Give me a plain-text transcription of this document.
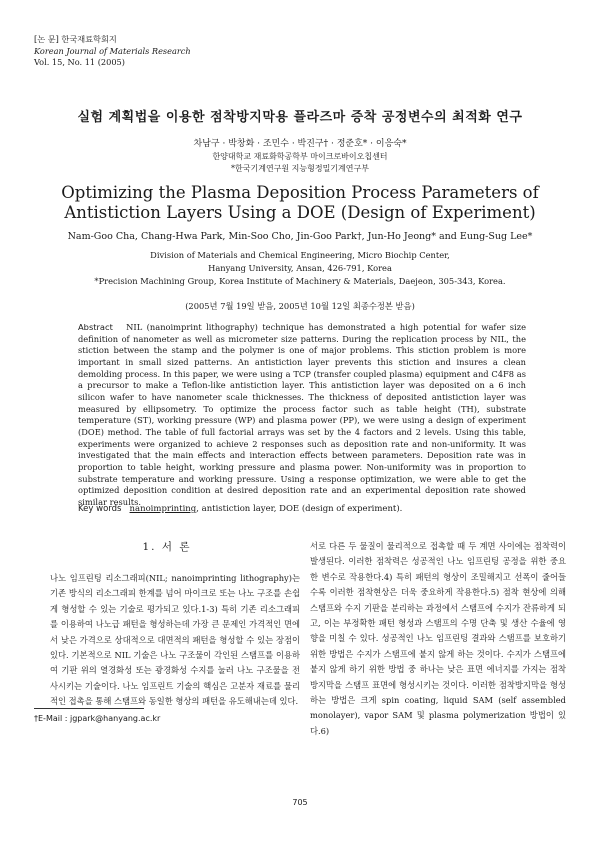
[논 문] 한국재료학회지
Korean Journal of Materials Research
Vol. 15, No. 11 (2005)
실험 계획법을 이용한 점착방지막용 플라즈마 증착 공정변수의 최적화 연구
차남구 · 박창화 · 조민수 · 박진구† · 정준호* · 이응숙*
한양대학교 재료화학공학부 마이크로바이오칩센터
*한국기계연구원 지능형정밀기계연구부
Optimizing the Plasma Deposition Process Parameters of
Antistiction Layers Using a DOE (Design of Experiment)
Nam-Goo Cha, Chang-Hwa Park, Min-Soo Cho, Jin-Goo Park†, Jun-Ho Jeong* and Eung-Sug Lee*
Division of Materials and Chemical Engineering, Micro Biochip Center,
Hanyang University, Ansan, 426-791, Korea
*Precision Machining Group, Korea Institute of Machinery & Materials, Daejeon, 305-343, Korea.
(2005년 7월 19일 받음, 2005년 10월 12일 최종수정본 받음)
Abstract NIL (nanoimprint lithography) technique has demonstrated a high potential for wafer size definition of nanometer as well as micrometer size patterns. During the replication process by NIL, the stiction between the stamp and the polymer is one of major problems. This stiction problem is more important in small sized patterns. An antistiction layer prevents this stiction and insures a clean demolding process. In this paper, we were using a TCP (transfer coupled plasma) equipment and C4F8 as a precursor to make a Teflon-like antistiction layer. This antistiction layer was deposited on a 6 inch silicon wafer to have nanometer scale thicknesses. The thickness of deposited antistiction layer was measured by ellipsometry. To optimize the process factor such as table height (TH), substrate temperature (ST), working pressure (WP) and plasma power (PP), we were using a design of experiment (DOE) method. The table of full factorial arrays was set by the 4 factors and 2 levels. Using this table, experiments were organized to achieve 2 responses such as deposition rate and non-uniformity. It was investigated that the main effects and interaction effects between parameters. Deposition rate was in proportion to table height, working pressure and plasma power. Non-uniformity was in proportion to substrate temperature and working pressure. Using a response optimization, we were able to get the optimized deposition condition at desired deposition rate and an experimental deposition rate showed similar results.
Key words nanoimprinting, antistiction layer, DOE (design of experiment).
1. 서 론
나노 임프린팅 리소그래피(NIL; nanoimprinting lithography)는 기존 방식의 리소그래피 한계를 넘어 마이크로 또는 나노 구조를 손쉽게 형성할 수 있는 기술로 평가되고 있다.1-3) 특히 기존 리소그래피를 이용하여 나노급 패턴을 형성하는데 가장 큰 문제인 가격적인 면에서 낮은 가격으로 상대적으로 대면적의 패턴을 형성할 수 있는 장점이 있다. 기본적으로 NIL 기술은 나노 구조물이 각인된 스탬프를 이용하여 기판 위의 열경화성 또는 광경화성 수지를 눌러 나노 구조물을 전사시키는 기술이다. 나노 임프린트 기술의 핵심은 고분자 재료를 물리적인 접촉을 통해 스탬프와 동일한 형상의 패턴을 유도해내는데 있다.
서로 다른 두 물질이 물리적으로 접촉할 때 두 계면 사이에는 점착력이 발생된다. 이러한 점착력은 성공적인 나노 임프린팅 공정을 위한 중요한 변수로 작용한다.4) 특히 패턴의 형상이 조밀해지고 선폭이 줄어들수록 이러한 점착현상은 더욱 중요하게 작용한다.5) 점착 현상에 의해 스탬프와 수지 기판을 분리하는 과정에서 스탬프에 수지가 잔류하게 되고, 이는 부정확한 패턴 형성과 스탬프의 수명 단축 및 생산 수율에 영향을 미칠 수 있다. 성공적인 나노 임프린팅 결과와 스탬프를 보호하기 위한 방법은 수지가 스탬프에 붙지 않게 하는 것이다. 수지가 스탬프에 붙지 않게 하기 위한 방법 중 하나는 낮은 표면 에너지를 가지는 점착 방지막을 스탬프 표면에 형성시키는 것이다. 이러한 점착방지막을 형성하는 방법은 크게 spin coating, liquid SAM (self assembled monolayer), vapor SAM 및 plasma polymerization 방법이 있다.6)
†E-Mail : jgpark@hanyang.ac.kr
705
